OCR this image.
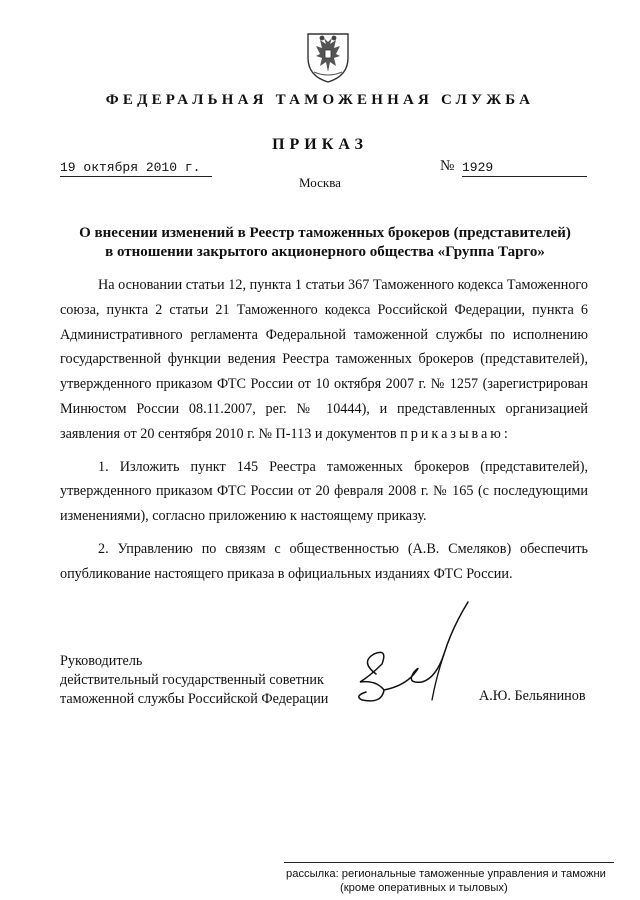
ФЕДЕРАЛЬНАЯ ТАМОЖЕННАЯ СЛУЖБА
ПРИКАЗ
19 октября 2010 г.	№ 1929
Москва
О внесении изменений в Реестр таможенных брокеров (представителей)
в отношении закрытого акционерного общества «Группа Тарго»

На основании статьи 12, пункта 1 статьи 367 Таможенного кодекса Таможенного союза, пункта 2 статьи 21 Таможенного кодекса Российской Федерации, пункта 6 Административного регламента Федеральной таможенной службы по исполнению государственной функции ведения Реестра таможенных брокеров (представителей), утвержденного приказом ФТС России от 10 октября 2007 г. № 1257 (зарегистрирован Минюстом России 08.11.2007, рег. № 10444), и представленных организацией заявления от 20 сентября 2010 г. № П-113 и документов приказываю:

1. Изложить пункт 145 Реестра таможенных брокеров (представителей), утвержденного приказом ФТС России от 20 февраля 2008 г. № 165 (с последующими изменениями), согласно приложению к настоящему приказу.

2. Управлению по связям с общественностью (А.В. Смеляков) обеспечить опубликование настоящего приказа в официальных изданиях ФТС России.

Руководитель
действительный государственный советник
таможенной службы Российской Федерации	А.Ю. Бельянинов
рассылка: региональные таможенные управления и таможни
(кроме оперативных и тыловых)
